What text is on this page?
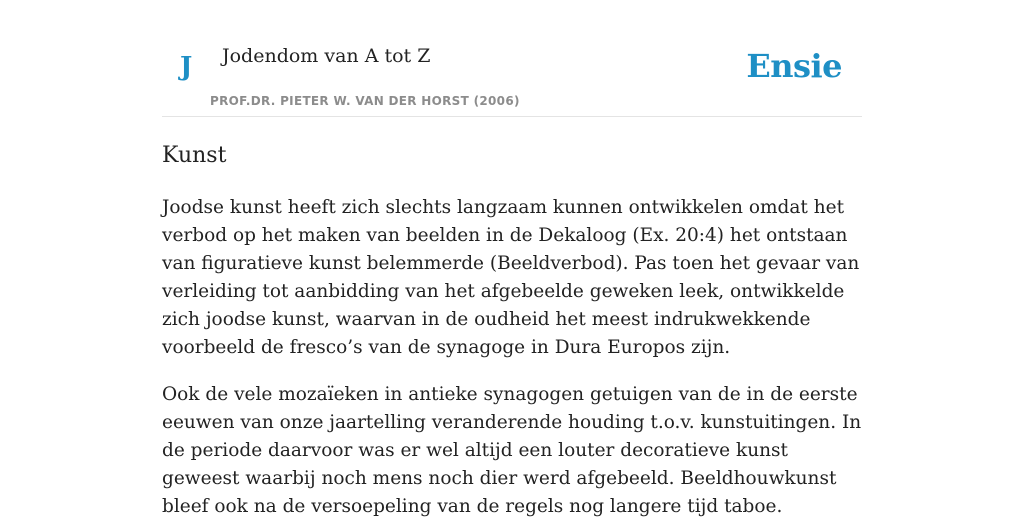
J Jodendom van A tot Z
PROF.DR. PIETER W. VAN DER HORST (2006)
Ensie
Kunst

Joodse kunst heeft zich slechts langzaam kunnen ontwikkelen omdat het verbod op het maken van beelden in de Dekaloog (Ex. 20:4) het ontstaan van figuratieve kunst belemmerde (Beeldverbod). Pas toen het gevaar van verleiding tot aanbidding van het afgebeelde geweken leek, ontwikkelde zich joodse kunst, waarvan in de oudheid het meest indrukwekkende voorbeeld de fresco’s van de synagoge in Dura Europos zijn.

Ook de vele mozaïeken in antieke synagogen getuigen van de in de eerste eeuwen van onze jaartelling veranderende houding t.o.v. kunstuitingen. In de periode daarvoor was er wel altijd een louter decoratieve kunst geweest waarbij noch mens noch dier werd afgebeeld. Beeldhouwkunst bleef ook na de versoepeling van de regels nog langere tijd taboe.
